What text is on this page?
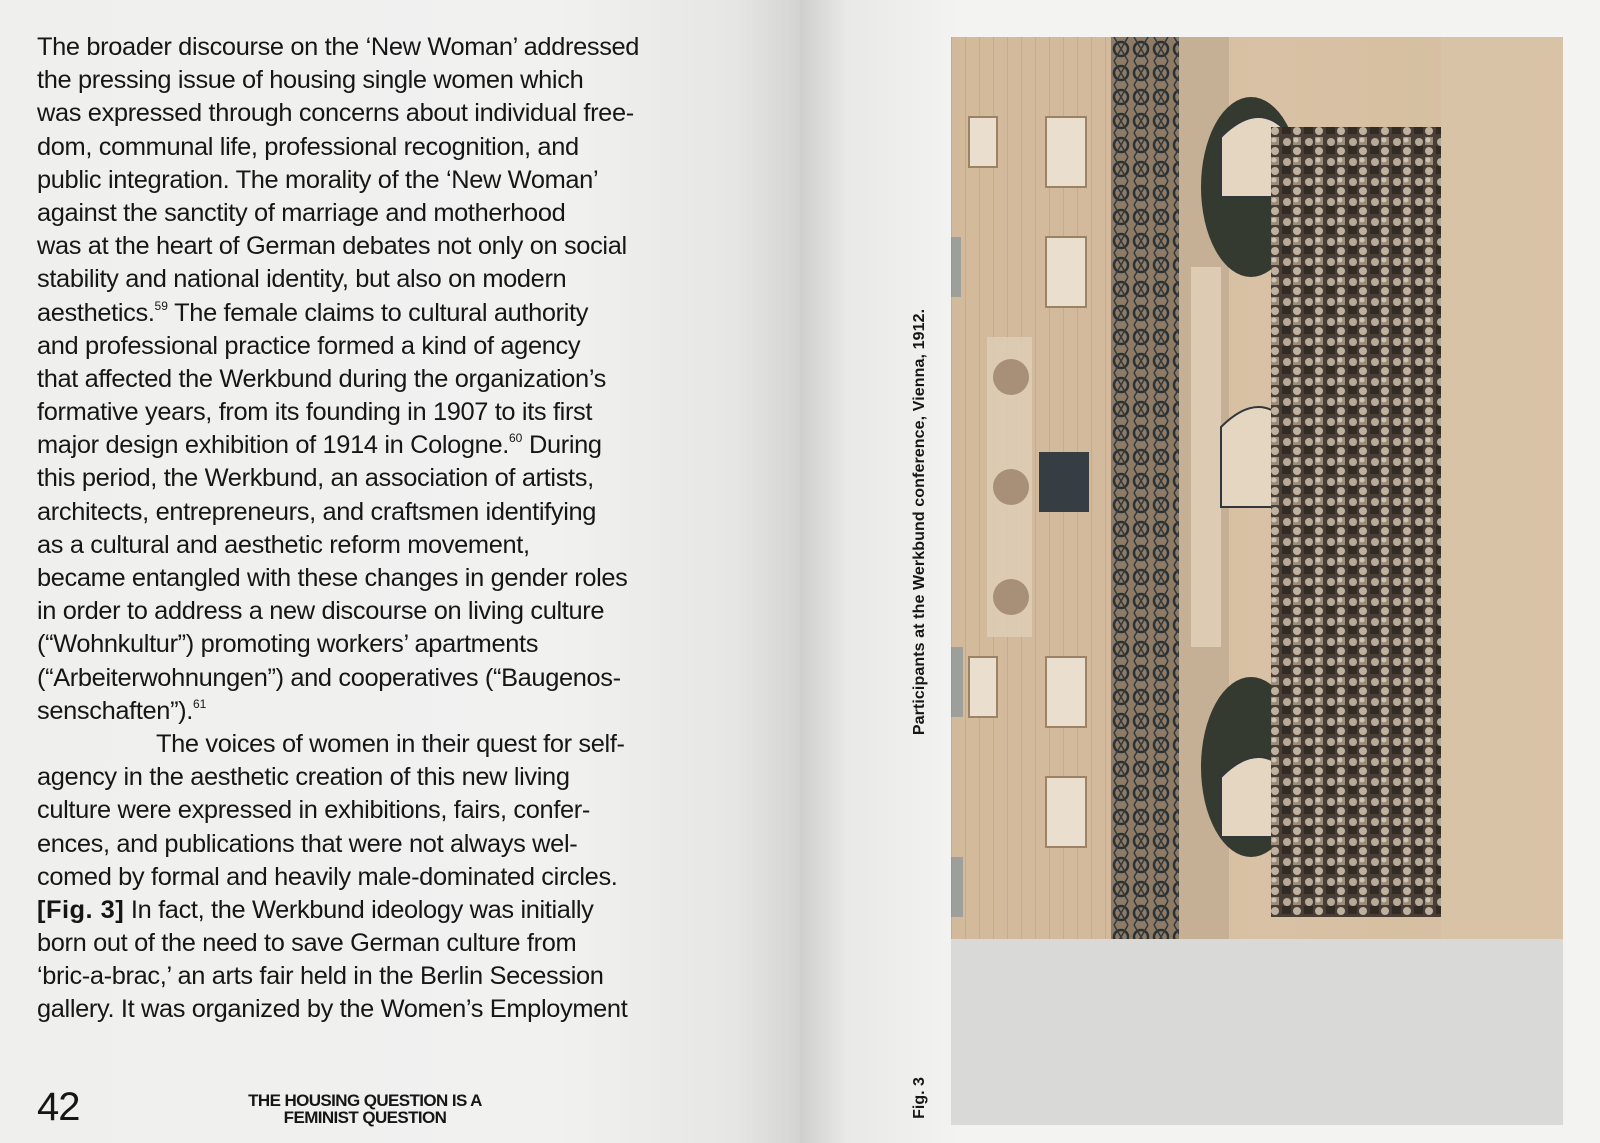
The broader discourse on the ‘New Woman’ addressed
the pressing issue of housing single women which
was expressed through concerns about individual free-
dom, communal life, professional recognition, and
public integration. The morality of the ‘New Woman’
against the sanctity of marriage and motherhood
was at the heart of German debates not only on social
stability and national identity, but also on modern
aesthetics.$^{59}$ The female claims to cultural authority
and professional practice formed a kind of agency
that affected the Werkbund during the organization’s
formative years, from its founding in 1907 to its first
major design exhibition of 1914 in Cologne.$^{60}$ During
this period, the Werkbund, an association of artists,
architects, entrepreneurs, and craftsmen identifying
as a cultural and aesthetic reform movement,
became entangled with these changes in gender roles
in order to address a new discourse on living culture
(“Wohnkultur”) promoting workers’ apartments
(“Arbeiterwohnungen”) and cooperatives (“Baugenos-
senschaften”).$^{61}$
The voices of women in their quest for self-
agency in the aesthetic creation of this new living
culture were expressed in exhibitions, fairs, confer-
ences, and publications that were not always wel-
comed by formal and heavily male-dominated circles.
[Fig. 3] In fact, the Werkbund ideology was initially
born out of the need to save German culture from
‘bric-a-brac,’ an arts fair held in the Berlin Secession
gallery. It was organized by the Women’s Employment
42	THE HOUSING QUESTION IS A
FEMINIST QUESTION
Participants at the Werkbund conference, Vienna, 1912.
Fig. 3
